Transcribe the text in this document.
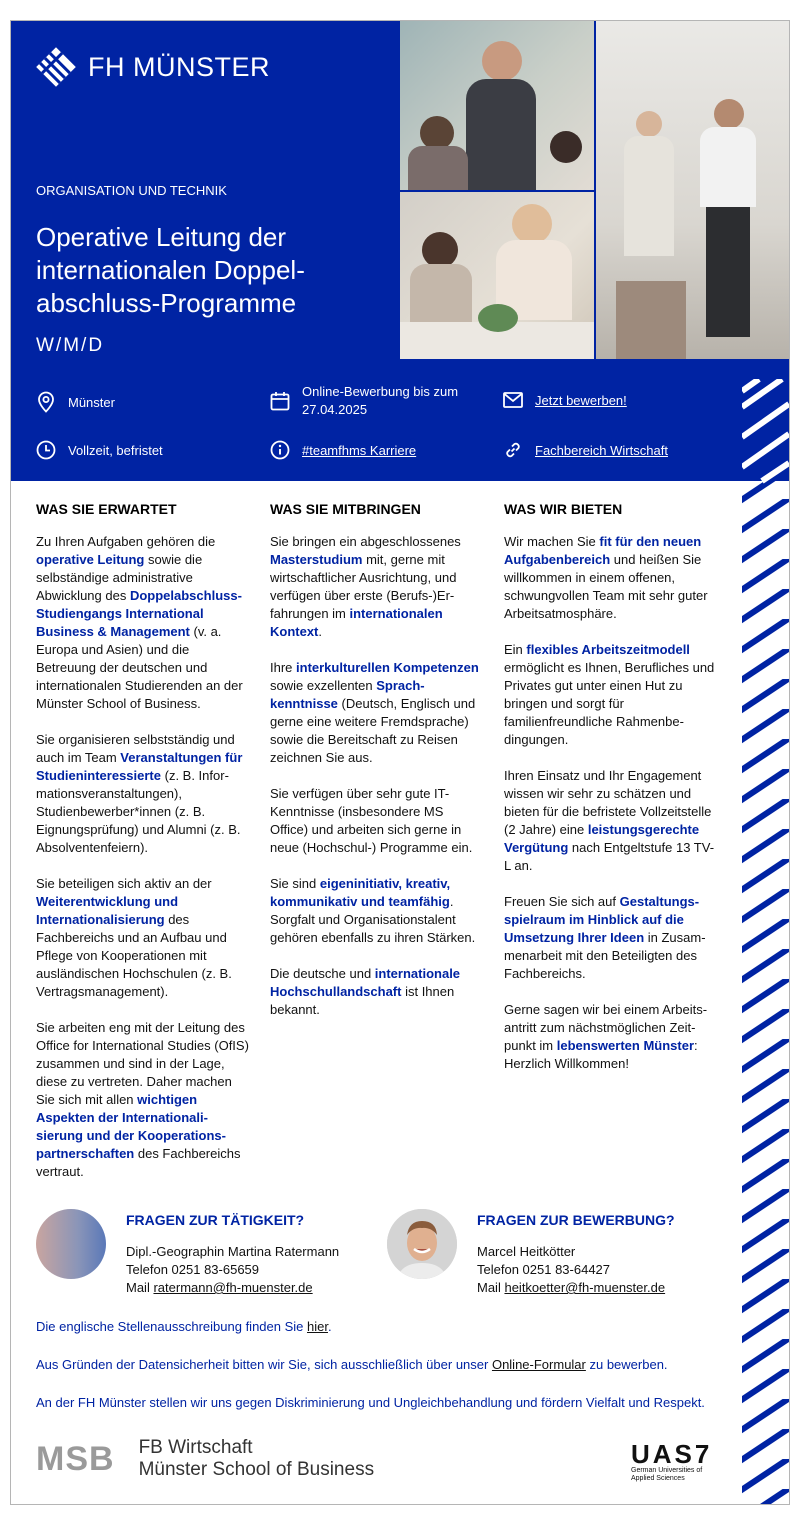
FH MÜNSTER
ORGANISATION UND TECHNIK
Operative Leitung der internationalen Doppel-abschluss-Programme
W/M/D
Münster
Online-Bewerbung bis zum 27.04.2025
Jetzt bewerben!
Vollzeit, befristet	#teamfhms Karriere	Fachbereich Wirtschaft
WAS SIE ERWARTET

Zu Ihren Aufgaben gehören die operative Leitung sowie die selbständige administrative Abwicklung des Doppelabschluss-Studiengangs International Business & Management (v. a. Europa und Asien) und die Betreuung der deutschen und internationalen Studierenden an der Münster School of Business.

Sie organisieren selbstständig und auch im Team Veranstaltungen für Studieninteressierte (z. B. Infor-mationsveranstaltungen), Studienbewerber*innen (z. B. Eignungsprüfung) und Alumni (z. B. Absolventenfeiern).

Sie beteiligen sich aktiv an der Weiterentwicklung und Internationalisierung des Fachbereichs und an Aufbau und Pflege von Kooperationen mit ausländischen Hochschulen (z. B. Vertragsmanagement).

Sie arbeiten eng mit der Leitung des Office for International Studies (OfIS) zusammen und sind in der Lage, diese zu vertreten. Daher machen Sie sich mit allen wichtigen Aspekten der Internationali-sierung und der Kooperations-partnerschaften des Fachbereichs vertraut.

WAS SIE MITBRINGEN

Sie bringen ein abgeschlossenes Masterstudium mit, gerne mit wirtschaftlicher Ausrichtung, und verfügen über erste (Berufs-)Er-fahrungen im internationalen Kontext.

Ihre interkulturellen Kompetenzen sowie exzellenten Sprach-kenntnisse (Deutsch, Englisch und gerne eine weitere Fremdsprache) sowie die Bereitschaft zu Reisen zeichnen Sie aus.

Sie verfügen über sehr gute IT-Kenntnisse (insbesondere MS Office) und arbeiten sich gerne in neue (Hochschul-) Programme ein.

Sie sind eigeninitiativ, kreativ, kommunikativ und teamfähig. Sorgfalt und Organisationstalent gehören ebenfalls zu ihren Stärken.

Die deutsche und internationale Hochschullandschaft ist Ihnen bekannt.

WAS WIR BIETEN

Wir machen Sie fit für den neuen Aufgabenbereich und heißen Sie willkommen in einem offenen, schwungvollen Team mit sehr guter Arbeitsatmosphäre.

Ein flexibles Arbeitszeitmodell ermöglicht es Ihnen, Berufliches und Privates gut unter einen Hut zu bringen und sorgt für familienfreundliche Rahmenbe-dingungen.

Ihren Einsatz und Ihr Engagement wissen wir sehr zu schätzen und bieten für die befristete Vollzeitstelle (2 Jahre) eine leistungsgerechte Vergütung nach Entgeltstufe 13 TV-L an.

Freuen Sie sich auf Gestaltungs-spielraum im Hinblick auf die Umsetzung Ihrer Ideen in Zusam-menarbeit mit den Beteiligten des Fachbereichs.

Gerne sagen wir bei einem Arbeits-antritt zum nächstmöglichen Zeit-punkt im lebenswerten Münster: Herzlich Willkommen!

FRAGEN ZUR TÄTIGKEIT?
Dipl.-Geographin Martina Ratermann
Telefon 0251 83-65659
Mail ratermann@fh-muenster.de
FRAGEN ZUR BEWERBUNG?
Marcel Heitkötter
Telefon 0251 83-64427
Mail heitkoetter@fh-muenster.de
Die englische Stellenausschreibung finden Sie hier.
Aus Gründen der Datensicherheit bitten wir Sie, sich ausschließlich über unser Online-Formular zu bewerben.
An der FH Münster stellen wir uns gegen Diskriminierung und Ungleichbehandlung und fördern Vielfalt und Respekt.
MSB FB Wirtschaft
Münster School of Business
UAS7
German Universities of
Applied Sciences
